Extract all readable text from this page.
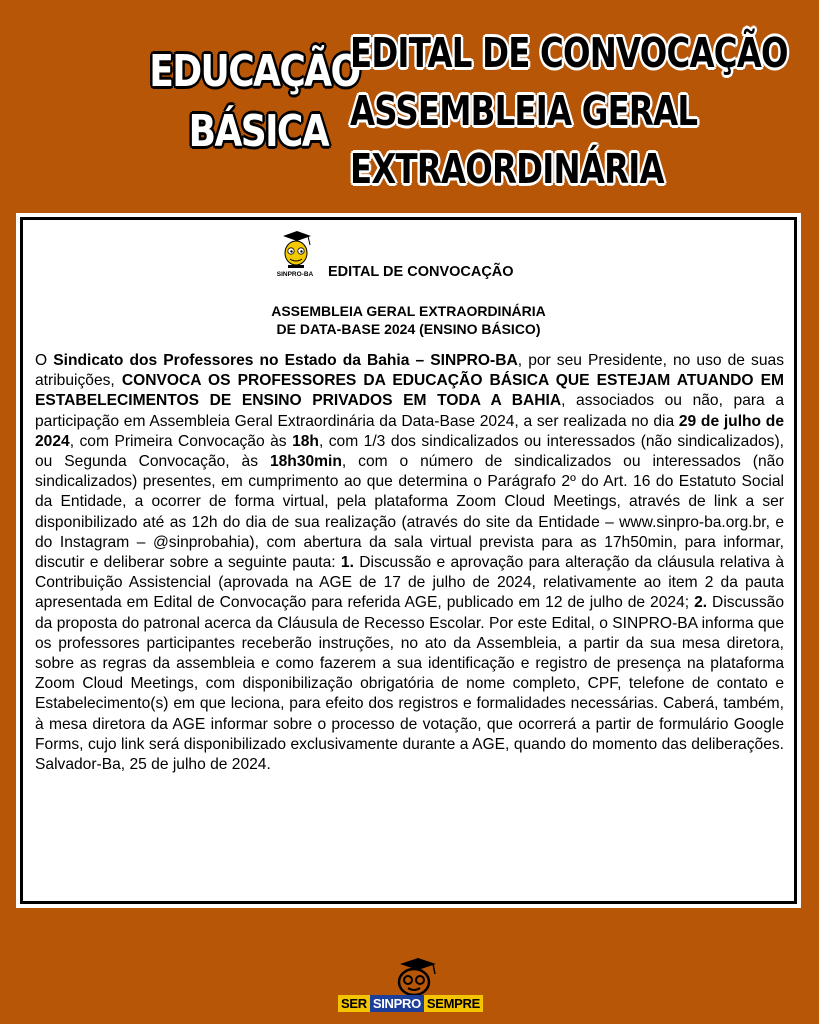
EDUCAÇÃO
BÁSICA
EDITAL DE CONVOCAÇÃO
ASSEMBLEIA GERAL
EXTRAORDINÁRIA
SINPRO-BA EDITAL DE CONVOCAÇÃO
ASSEMBLEIA GERAL EXTRAORDINÁRIA
DE DATA-BASE 2024 (ENSINO BÁSICO)
O Sindicato dos Professores no Estado da Bahia – SINPRO-BA, por seu Presidente, no uso de suas atribuições, CONVOCA OS PROFESSORES DA EDUCAÇÃO BÁSICA QUE ESTEJAM ATUANDO EM ESTABELECIMENTOS DE ENSINO PRIVADOS EM TODA A BAHIA, associados ou não, para a participação em Assembleia Geral Extraordinária da Data-Base 2024, a ser realizada no dia 29 de julho de 2024, com Primeira Convocação às 18h, com 1/3 dos sindicalizados ou interessados (não sindicalizados), ou Segunda Convocação, às 18h30min, com o número de sindicalizados ou interessados (não sindicalizados) presentes, em cumprimento ao que determina o Parágrafo 2º do Art. 16 do Estatuto Social da Entidade, a ocorrer de forma virtual, pela plataforma Zoom Cloud Meetings, através de link a ser disponibilizado até as 12h do dia de sua realização (através do site da Entidade – www.sinpro-ba.org.br, e do Instagram – @sinprobahia), com abertura da sala virtual prevista para as 17h50min, para informar, discutir e deliberar sobre a seguinte pauta: 1. Discussão e aprovação para alteração da cláusula relativa à Contribuição Assistencial (aprovada na AGE de 17 de julho de 2024, relativamente ao item 2 da pauta apresentada em Edital de Convocação para referida AGE, publicado em 12 de julho de 2024; 2. Discussão da proposta do patronal acerca da Cláusula de Recesso Escolar. Por este Edital, o SINPRO-BA informa que os professores participantes receberão instruções, no ato da Assembleia, a partir da sua mesa diretora, sobre as regras da assembleia e como fazerem a sua identificação e registro de presença na plataforma Zoom Cloud Meetings, com disponibilização obrigatória de nome completo, CPF, telefone de contato e Estabelecimento(s) em que leciona, para efeito dos registros e formalidades necessárias. Caberá, também, à mesa diretora da AGE informar sobre o processo de votação, que ocorrerá a partir de formulário Google Forms, cujo link será disponibilizado exclusivamente durante a AGE, quando do momento das deliberações. Salvador-Ba, 25 de julho de 2024.
SER SINPRO SEMPRE
